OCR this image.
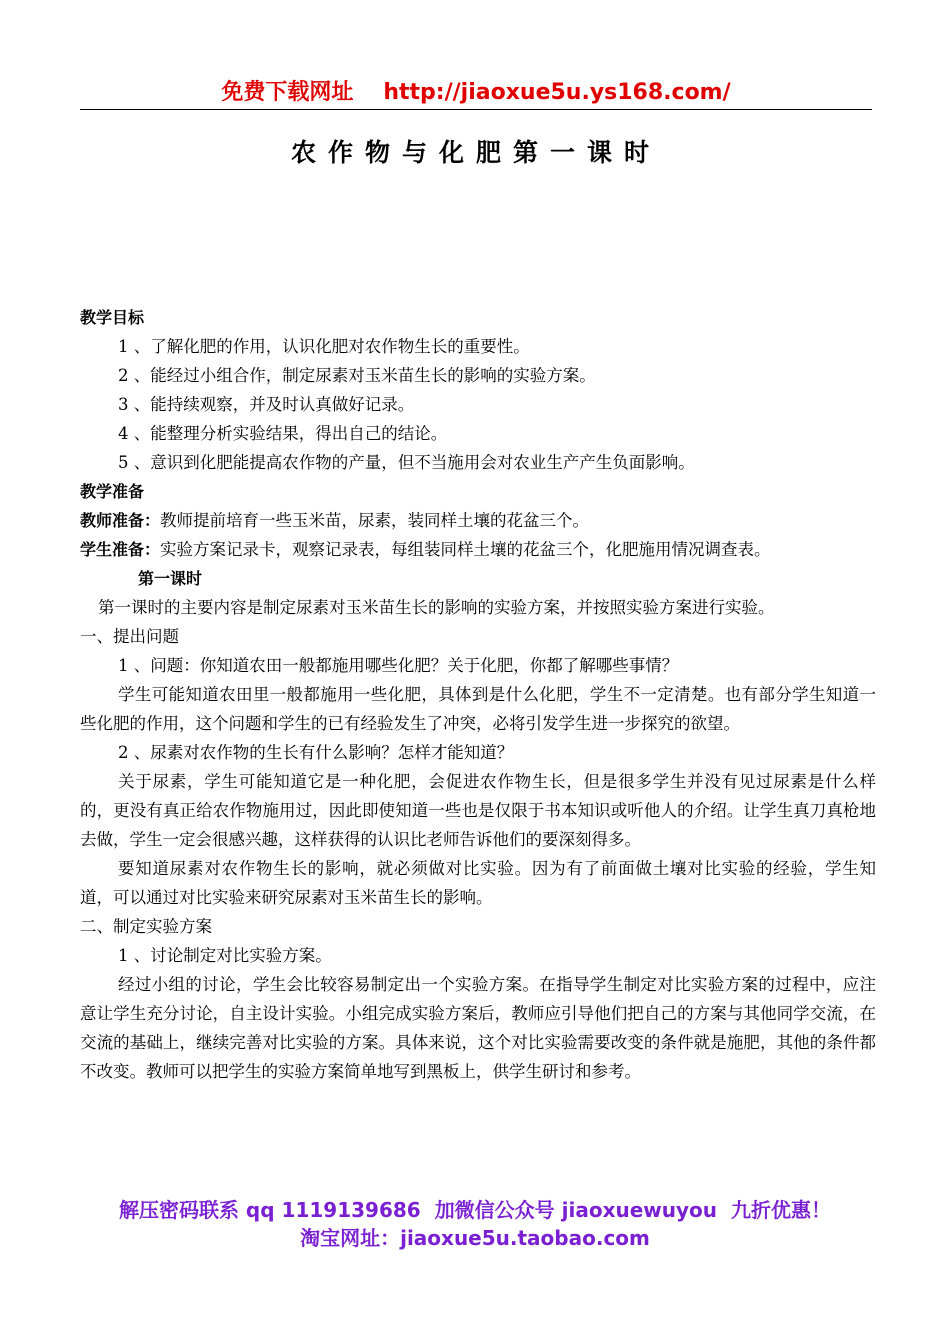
免费下载网址 http://jiaoxue5u.ys168.com/
农作物与化肥第一课时

教学目标

1 、了解化肥的作用，认识化肥对农作物生长的重要性。

2 、能经过小组合作，制定尿素对玉米苗生长的影响的实验方案。

3 、能持续观察，并及时认真做好记录。

4 、能整理分析实验结果，得出自己的结论。

5 、意识到化肥能提高农作物的产量，但不当施用会对农业生产产生负面影响。

教学准备

教师准备：教师提前培育一些玉米苗，尿素，装同样土壤的花盆三个。

学生准备：实验方案记录卡，观察记录表，每组装同样土壤的花盆三个，化肥施用情况调查表。

第一课时

第一课时的主要内容是制定尿素对玉米苗生长的影响的实验方案，并按照实验方案进行实验。

一、提出问题

1 、问题：你知道农田一般都施用哪些化肥？关于化肥，你都了解哪些事情？

学生可能知道农田里一般都施用一些化肥，具体到是什么化肥，学生不一定清楚。也有部分学生知道一些化肥的作用，这个问题和学生的已有经验发生了冲突，必将引发学生进一步探究的欲望。

2 、尿素对农作物的生长有什么影响？怎样才能知道？

关于尿素，学生可能知道它是一种化肥，会促进农作物生长，但是很多学生并没有见过尿素是什么样的，更没有真正给农作物施用过，因此即使知道一些也是仅限于书本知识或听他人的介绍。让学生真刀真枪地去做，学生一定会很感兴趣，这样获得的认识比老师告诉他们的要深刻得多。

要知道尿素对农作物生长的影响，就必须做对比实验。因为有了前面做土壤对比实验的经验，学生知道，可以通过对比实验来研究尿素对玉米苗生长的影响。

二、制定实验方案

1 、讨论制定对比实验方案。

经过小组的讨论，学生会比较容易制定出一个实验方案。在指导学生制定对比实验方案的过程中，应注意让学生充分讨论，自主设计实验。小组完成实验方案后，教师应引导他们把自己的方案与其他同学交流，在交流的基础上，继续完善对比实验的方案。具体来说，这个对比实验需要改变的条件就是施肥，其他的条件都不改变。教师可以把学生的实验方案简单地写到黑板上，供学生研讨和参考。

解压密码联系 qq 1119139686 加微信公众号 jiaoxuewuyou 九折优惠！
淘宝网址：jiaoxue5u.taobao.com
